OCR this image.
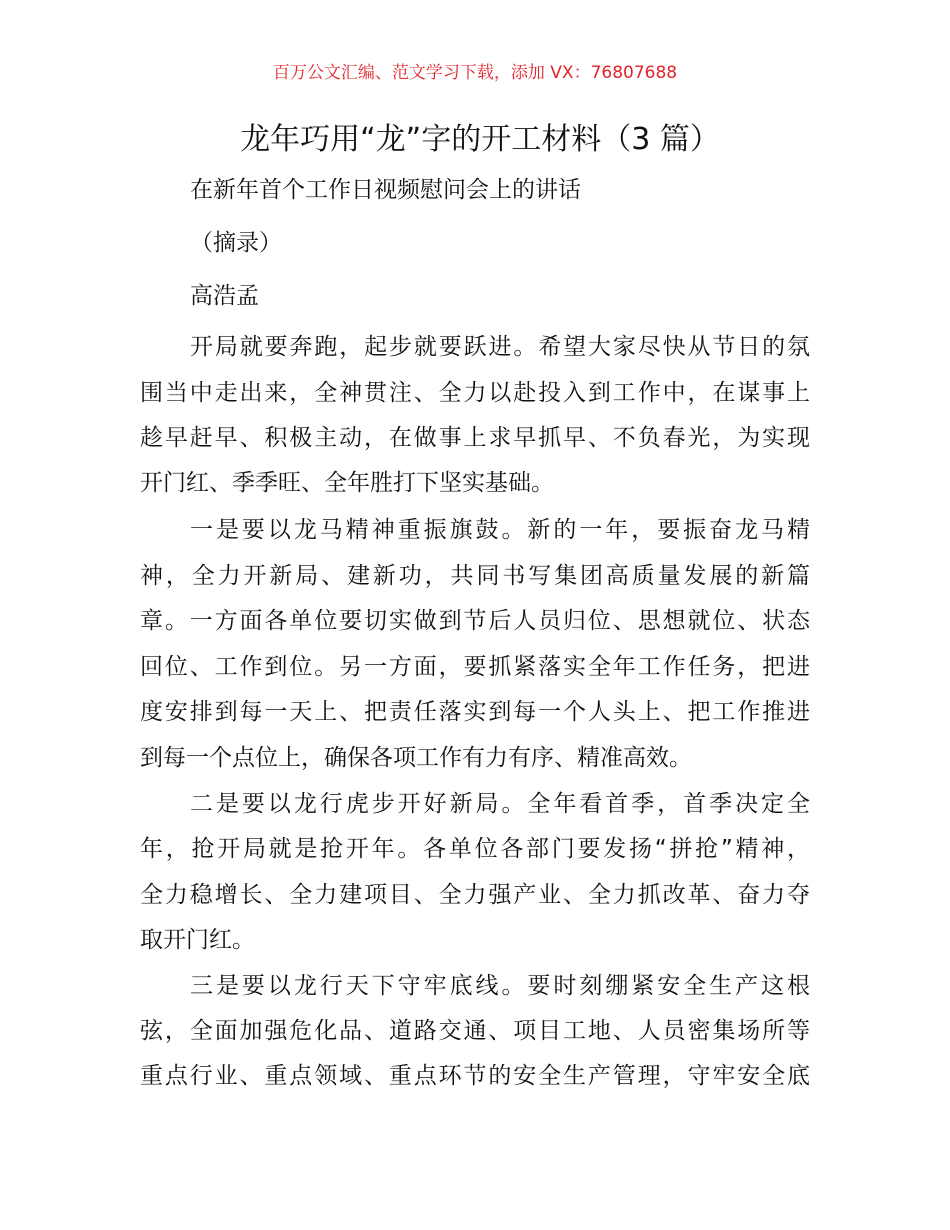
百万公文汇编、范文学习下载，添加 VX：76807688
龙年巧用“龙”字的开工材料（3 篇）
在新年首个工作日视频慰问会上的讲话
（摘录）
高浩孟
开局就要奔跑，起步就要跃进。希望大家尽快从节日的氛
围当中走出来，全神贯注、全力以赴投入到工作中，在谋事上
趁早赶早、积极主动，在做事上求早抓早、不负春光，为实现
开门红、季季旺、全年胜打下坚实基础。
一是要以龙马精神重振旗鼓。新的一年，要振奋龙马精
神，全力开新局、建新功，共同书写集团高质量发展的新篇
章。一方面各单位要切实做到节后人员归位、思想就位、状态
回位、工作到位。另一方面，要抓紧落实全年工作任务，把进
度安排到每一天上、把责任落实到每一个人头上、把工作推进
到每一个点位上，确保各项工作有力有序、精准高效。
二是要以龙行虎步开好新局。全年看首季，首季决定全
年，抢开局就是抢开年。各单位各部门要发扬“拼抢”精神，
全力稳增长、全力建项目、全力强产业、全力抓改革、奋力夺
取开门红。
三是要以龙行天下守牢底线。要时刻绷紧安全生产这根
弦，全面加强危化品、道路交通、项目工地、人员密集场所等
重点行业、重点领域、重点环节的安全生产管理，守牢安全底
